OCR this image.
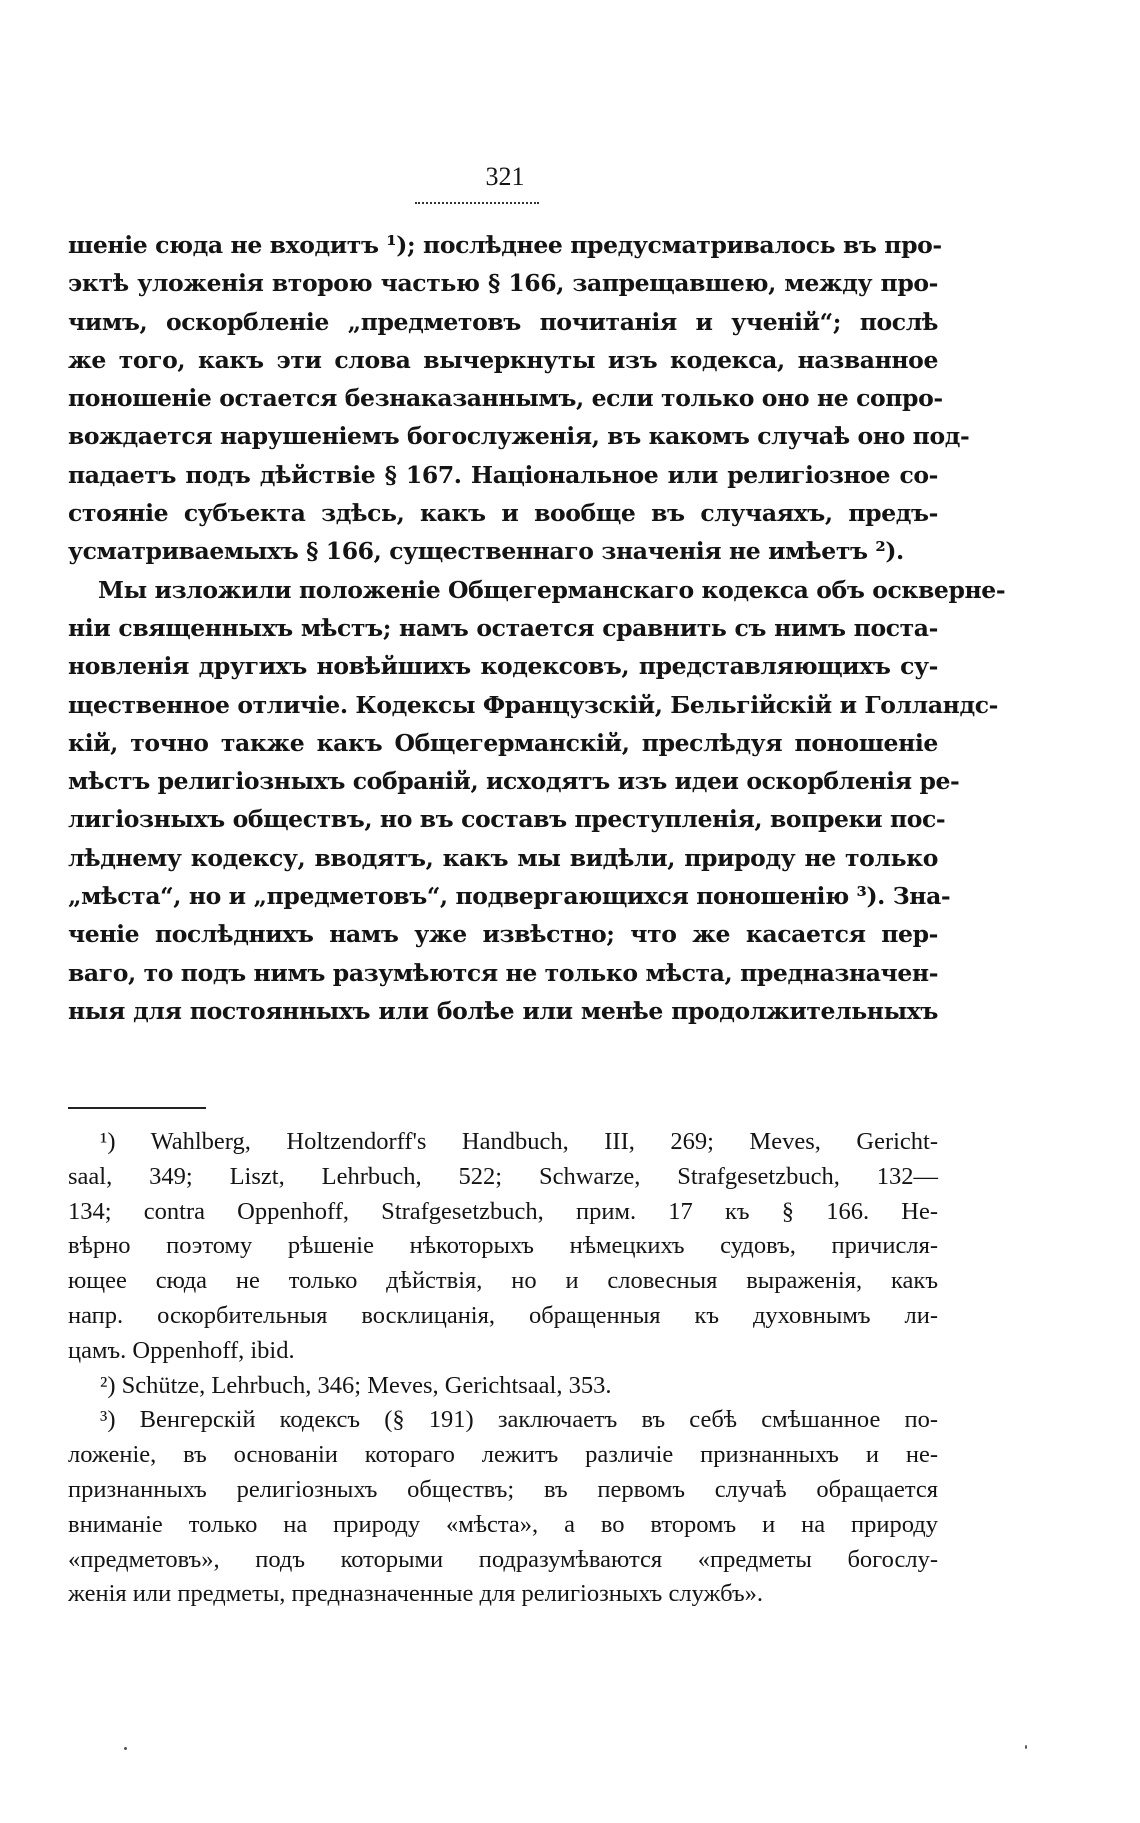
321
шеніе сюда не входитъ ¹); послѣднее предусматривалось въ про-
эктѣ уложенія второю частью § 166, запрещавшею, между про-
чимъ, оскорбленіе „предметовъ почитанія и ученій“; послѣ
же того, какъ эти слова вычеркнуты изъ кодекса, названное
поношеніе остается безнаказаннымъ, если только оно не сопро-
вождается нарушеніемъ богослуженія, въ какомъ случаѣ оно под-
падаетъ подъ дѣйствіе § 167. Національное или религіозное со-
стояніе субъекта здѣсь, какъ и вообще въ случаяхъ, предъ-
усматриваемыхъ § 166, существеннаго значенія не имѣетъ ²).
Мы изложили положеніе Общегерманскаго кодекса объ оскверне-
ніи священныхъ мѣстъ; намъ остается сравнить съ нимъ поста-
новленія другихъ новѣйшихъ кодексовъ, представляющихъ су-
щественное отличіе. Кодексы Французскій, Бельгійскій и Голландс-
кій, точно также какъ Общегерманскій, преслѣдуя поношеніе
мѣстъ религіозныхъ собраній, исходятъ изъ идеи оскорбленія ре-
лигіозныхъ обществъ, но въ составъ преступленія, вопреки пос-
лѣднему кодексу, вводятъ, какъ мы видѣли, природу не только
„мѣста“, но и „предметовъ“, подвергающихся поношенію ³). Зна-
ченіе послѣднихъ намъ уже извѣстно; что же касается пер-
ваго, то подъ нимъ разумѣются не только мѣста, предназначен-
ныя для постоянныхъ или болѣе или менѣе продолжительныхъ
¹) Wahlberg, Holtzendorff's Handbuch, III, 269; Meves, Gericht-
saal, 349; Liszt, Lehrbuch, 522; Schwarze, Strafgesetzbuch, 132—
134; contra Oppenhoff, Strafgesetzbuch, прим. 17 къ § 166. Не-
вѣрно поэтому рѣшеніе нѣкоторыхъ нѣмецкихъ судовъ, причисля-
ющее сюда не только дѣйствія, но и словесныя выраженія, какъ
напр. оскорбительныя восклицанія, обращенныя къ духовнымъ ли-
цамъ. Oppenhoff, ibid.
²) Schütze, Lehrbuch, 346; Meves, Gerichtsaal, 353.
³) Венгерскій кодексъ (§ 191) заключаетъ въ себѣ смѣшанное по-
ложеніе, въ основаніи котораго лежитъ различіе признанныхъ и не-
признанныхъ религіозныхъ обществъ; въ первомъ случаѣ обращается
вниманіе только на природу «мѣста», а во второмъ и на природу
«предметовъ», подъ которыми подразумѣваются «предметы богослу-
женія или предметы, предназначенные для религіозныхъ службъ».
